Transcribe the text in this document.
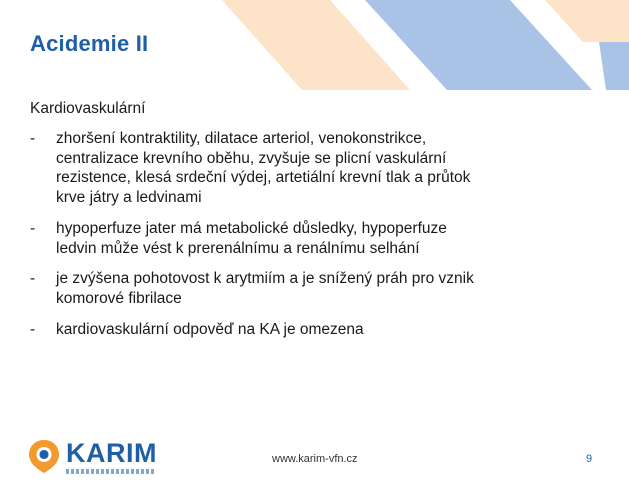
Acidemie II
Kardiovaskulární
- zhoršení kontraktility, dilatace arteriol, venokonstrikce,
centralizace krevního oběhu, zvyšuje se plicní vaskulární
rezistence, klesá srdeční výdej, artetiální krevní tlak a průtok
krve játry a ledvinami
- hypoperfuze jater má metabolické důsledky, hypoperfuze
ledvin může vést k prerenálnímu a renálnímu selhání
- je zvýšena pohotovost k arytmiím a je snížený práh pro vznik
komorové fibrilace
- kardiovaskulární odpověď na KA je omezena
KARIM	www.karim-vfn.cz	9
